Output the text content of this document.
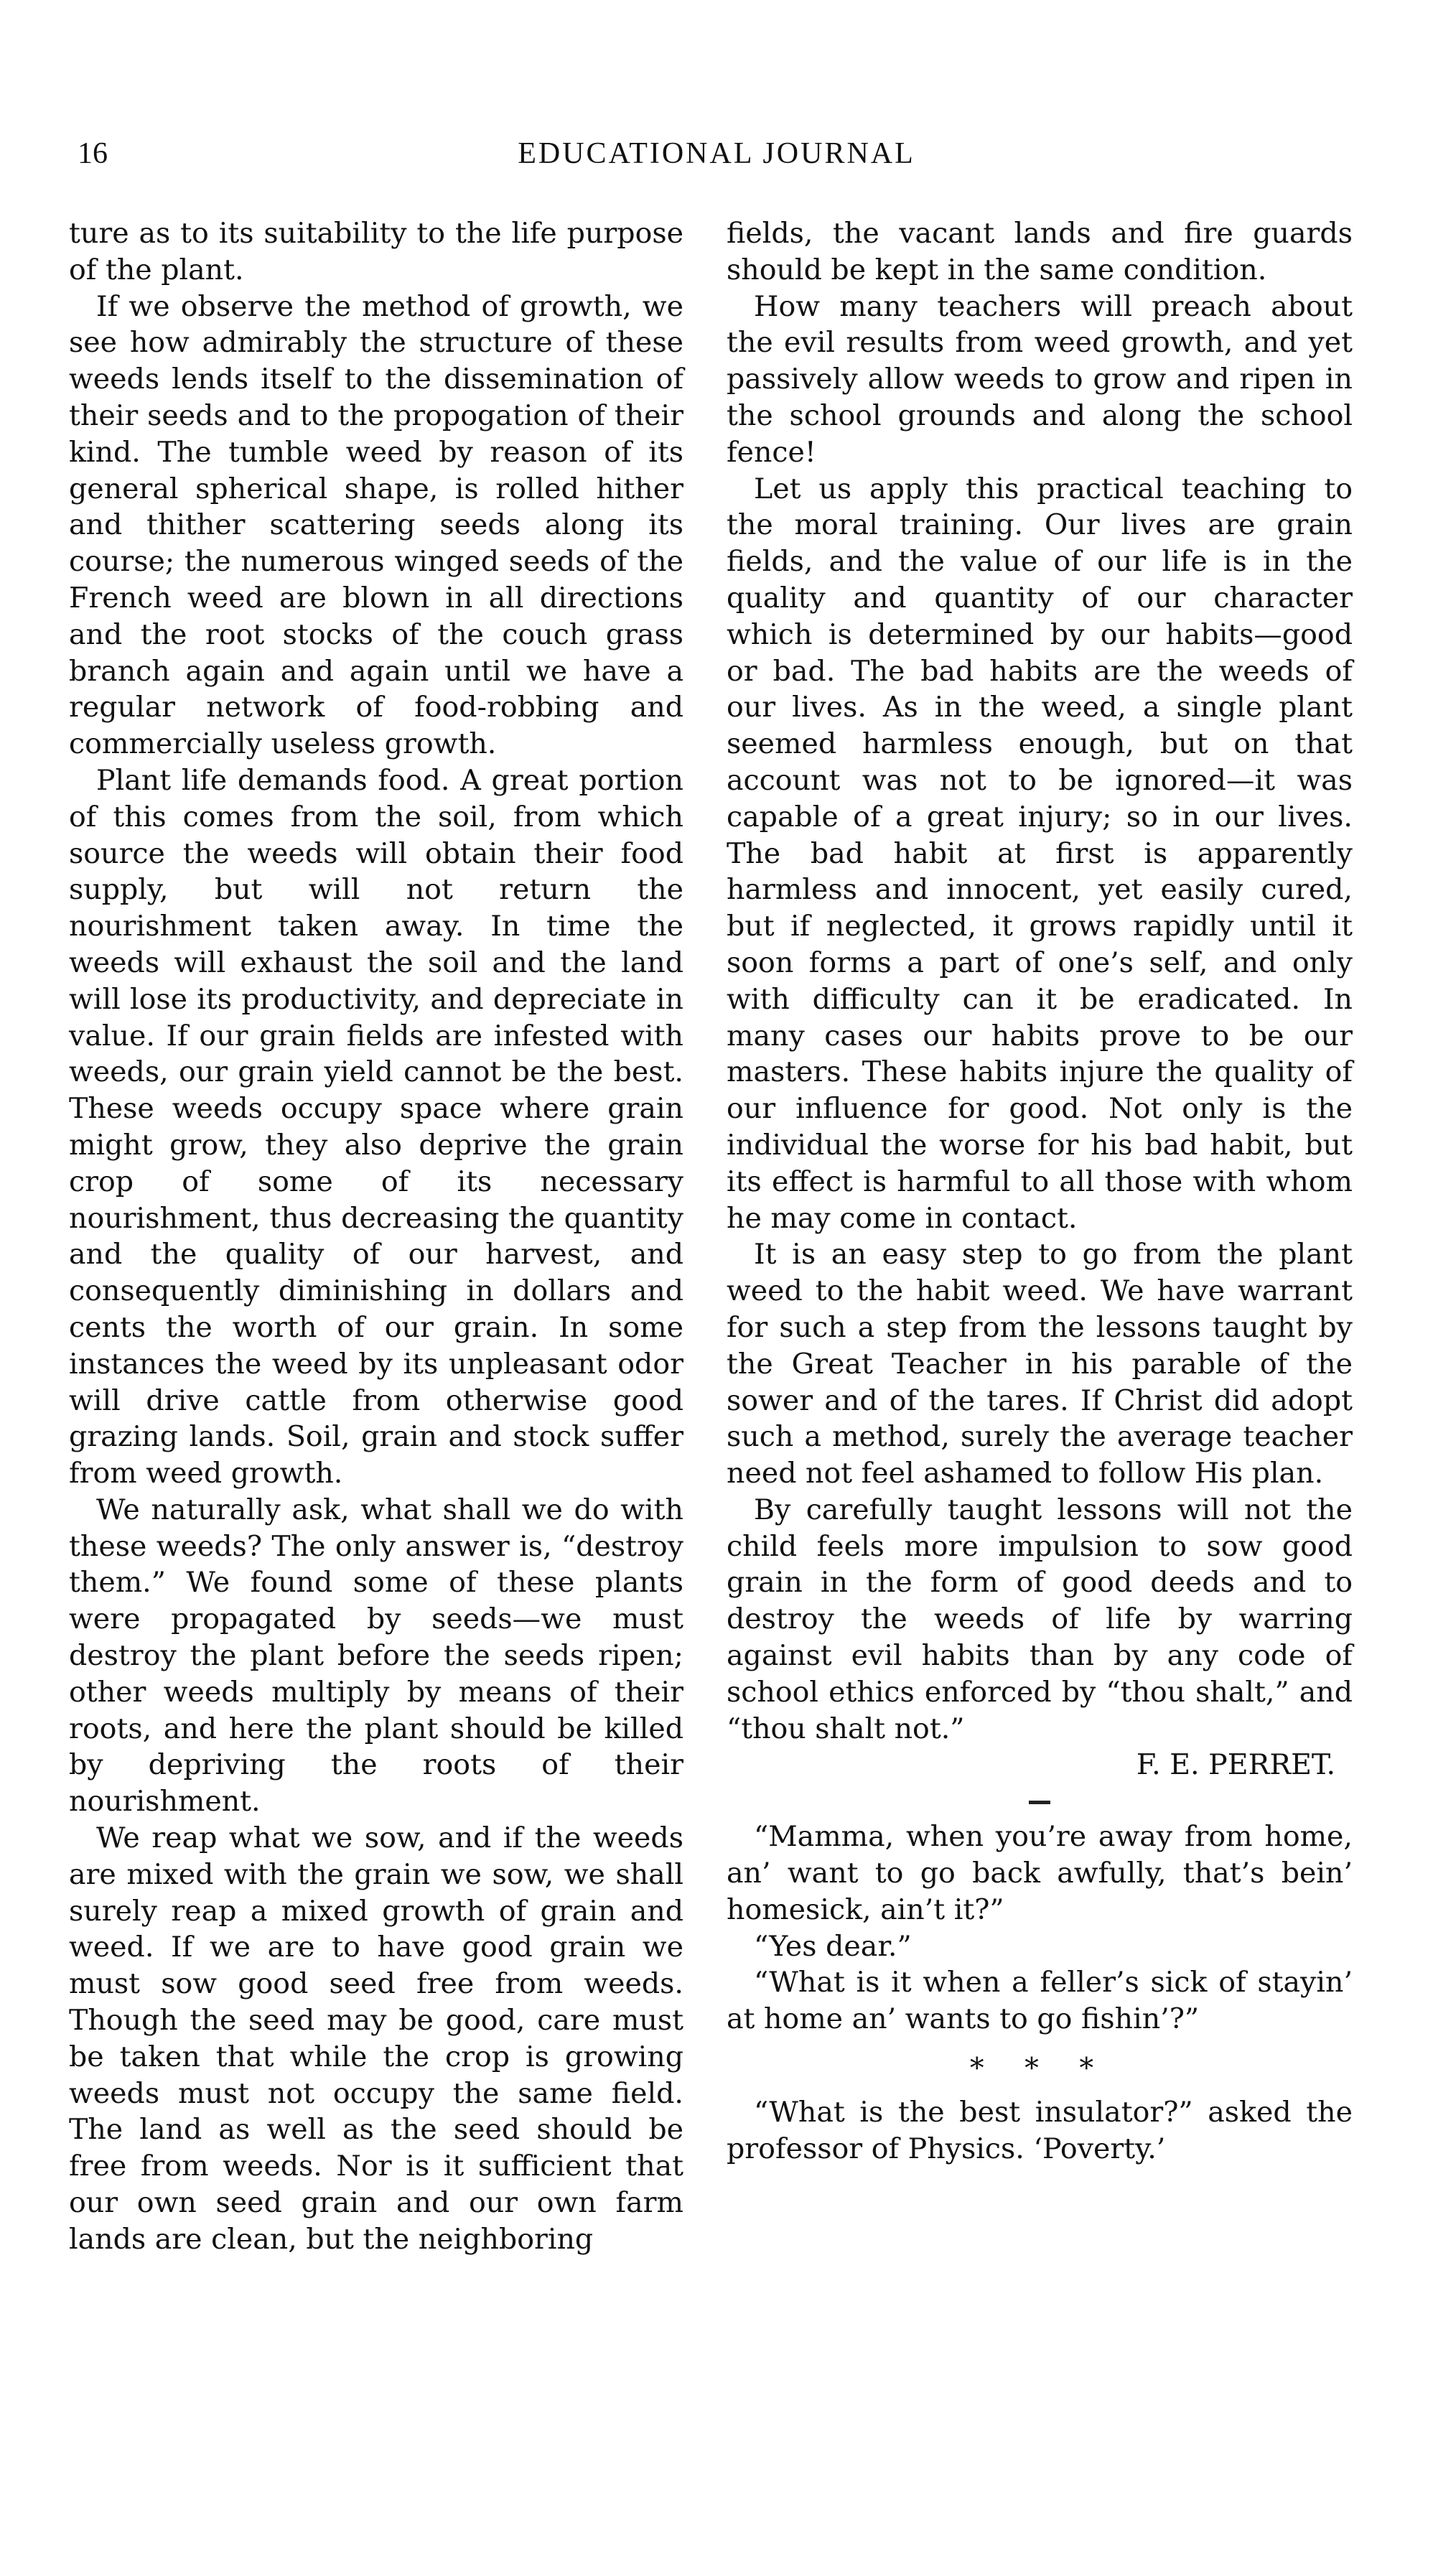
16	EDUCATIONAL JOURNAL

ture as to its suitability to the life purpose of the plant.

If we observe the method of growth, we see how admirably the structure of these weeds lends itself to the dissemination of their seeds and to the propogation of their kind. The tumble weed by reason of its general spherical shape, is rolled hither and thither scattering seeds along its course; the numerous winged seeds of the French weed are blown in all directions and the root stocks of the couch grass branch again and again until we have a regular network of food-robbing and commercially useless growth.

Plant life demands food. A great portion of this comes from the soil, from which source the weeds will obtain their food supply, but will not return the nourishment taken away. In time the weeds will exhaust the soil and the land will lose its productivity, and depreciate in value. If our grain fields are infested with weeds, our grain yield cannot be the best. These weeds occupy space where grain might grow, they also deprive the grain crop of some of its necessary nourishment, thus decreasing the quantity and the quality of our harvest, and consequently diminishing in dollars and cents the worth of our grain. In some instances the weed by its unpleasant odor will drive cattle from otherwise good grazing lands. Soil, grain and stock suffer from weed growth.

We naturally ask, what shall we do with these weeds? The only answer is, “destroy them.” We found some of these plants were propagated by seeds—we must destroy the plant before the seeds ripen; other weeds multiply by means of their roots, and here the plant should be killed by depriving the roots of their nourishment.

We reap what we sow, and if the weeds are mixed with the grain we sow, we shall surely reap a mixed growth of grain and weed. If we are to have good grain we must sow good seed free from weeds. Though the seed may be good, care must be taken that while the crop is growing weeds must not occupy the same field. The land as well as the seed should be free from weeds. Nor is it sufficient that our own seed grain and our own farm lands are clean, but the neighboring

fields, the vacant lands and fire guards should be kept in the same condition.

How many teachers will preach about the evil results from weed growth, and yet passively allow weeds to grow and ripen in the school grounds and along the school fence!

Let us apply this practical teaching to the moral training. Our lives are grain fields, and the value of our life is in the quality and quantity of our character which is determined by our habits—good or bad. The bad habits are the weeds of our lives. As in the weed, a single plant seemed harmless enough, but on that account was not to be ignored—it was capable of a great injury; so in our lives. The bad habit at first is apparently harmless and innocent, yet easily cured, but if neglected, it grows rapidly until it soon forms a part of one’s self, and only with difficulty can it be eradicated. In many cases our habits prove to be our masters. These habits injure the quality of our influence for good. Not only is the individual the worse for his bad habit, but its effect is harmful to all those with whom he may come in contact.

It is an easy step to go from the plant weed to the habit weed. We have warrant for such a step from the lessons taught by the Great Teacher in his parable of the sower and of the tares. If Christ did adopt such a method, surely the average teacher need not feel ashamed to follow His plan.

By carefully taught lessons will not the child feels more impulsion to sow good grain in the form of good deeds and to destroy the weeds of life by warring against evil habits than by any code of school ethics enforced by “thou shalt,” and “thou shalt not.”

F. E. PERRET.

“Mamma, when you’re away from home, an’ want to go back awfully, that’s bein’ homesick, ain’t it?”

“Yes dear.”

“What is it when a feller’s sick of stayin’ at home an’ wants to go fishin’?”

* * *

“What is the best insulator?” asked the professor of Physics. ‘Poverty.’
